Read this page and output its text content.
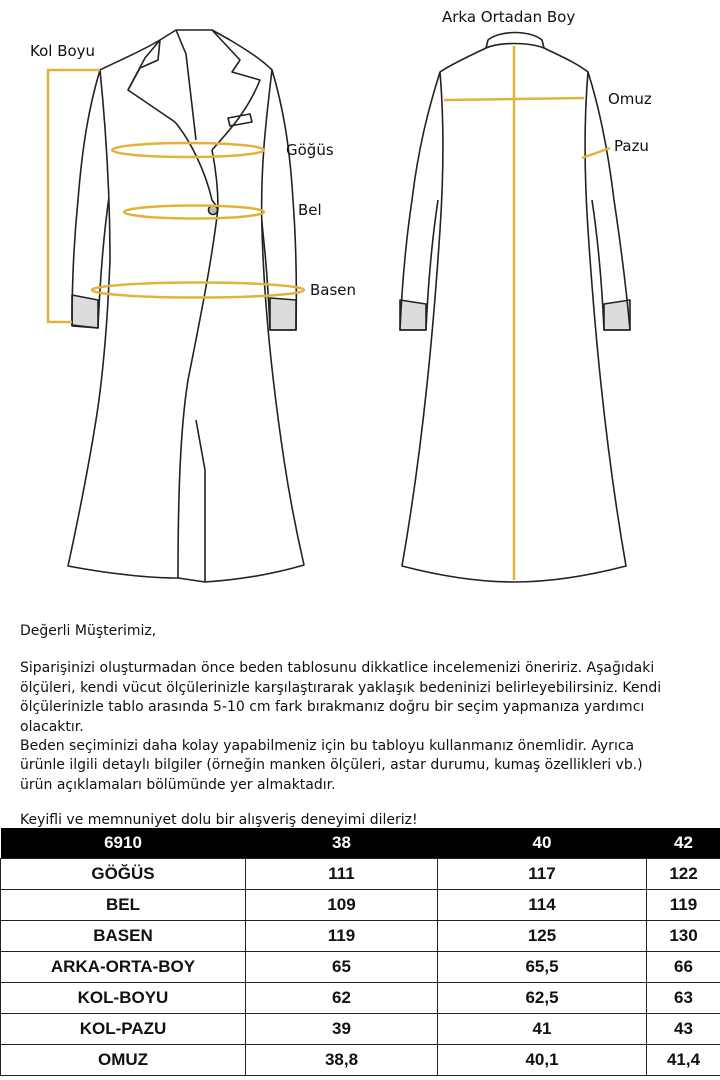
Kol Boyu
Göğüs
Bel
Basen
Arka Ortadan Boy
Omuz
Pazu

Değerli Müşterimiz,

Siparişinizi oluşturmadan önce beden tablosunu dikkatlice incelemenizi öneririz. Aşağıdaki
ölçüleri, kendi vücut ölçülerinizle karşılaştırarak yaklaşık bedeninizi belirleyebilirsiniz. Kendi
ölçülerinizle tablo arasında 5-10 cm fark bırakmanız doğru bir seçim yapmanıza yardımcı
olacaktır.

Beden seçiminizi daha kolay yapabilmeniz için bu tabloyu kullanmanız önemlidir. Ayrıca
ürünle ilgili detaylı bilgiler (örneğin manken ölçüleri, astar durumu, kumaş özellikleri vb.)
ürün açıklamaları bölümünde yer almaktadır.

Keyifli ve memnuniyet dolu bir alışveriş deneyimi dileriz!

6910	38	40	42
GÖĞÜS	111	117	122
BEL	109	114	119
BASEN	119	125	130
ARKA-ORTA-BOY	65	65,5	66
KOL-BOYU	62	62,5	63
KOL-PAZU	39	41	43
OMUZ	38,8	40,1	41,4
